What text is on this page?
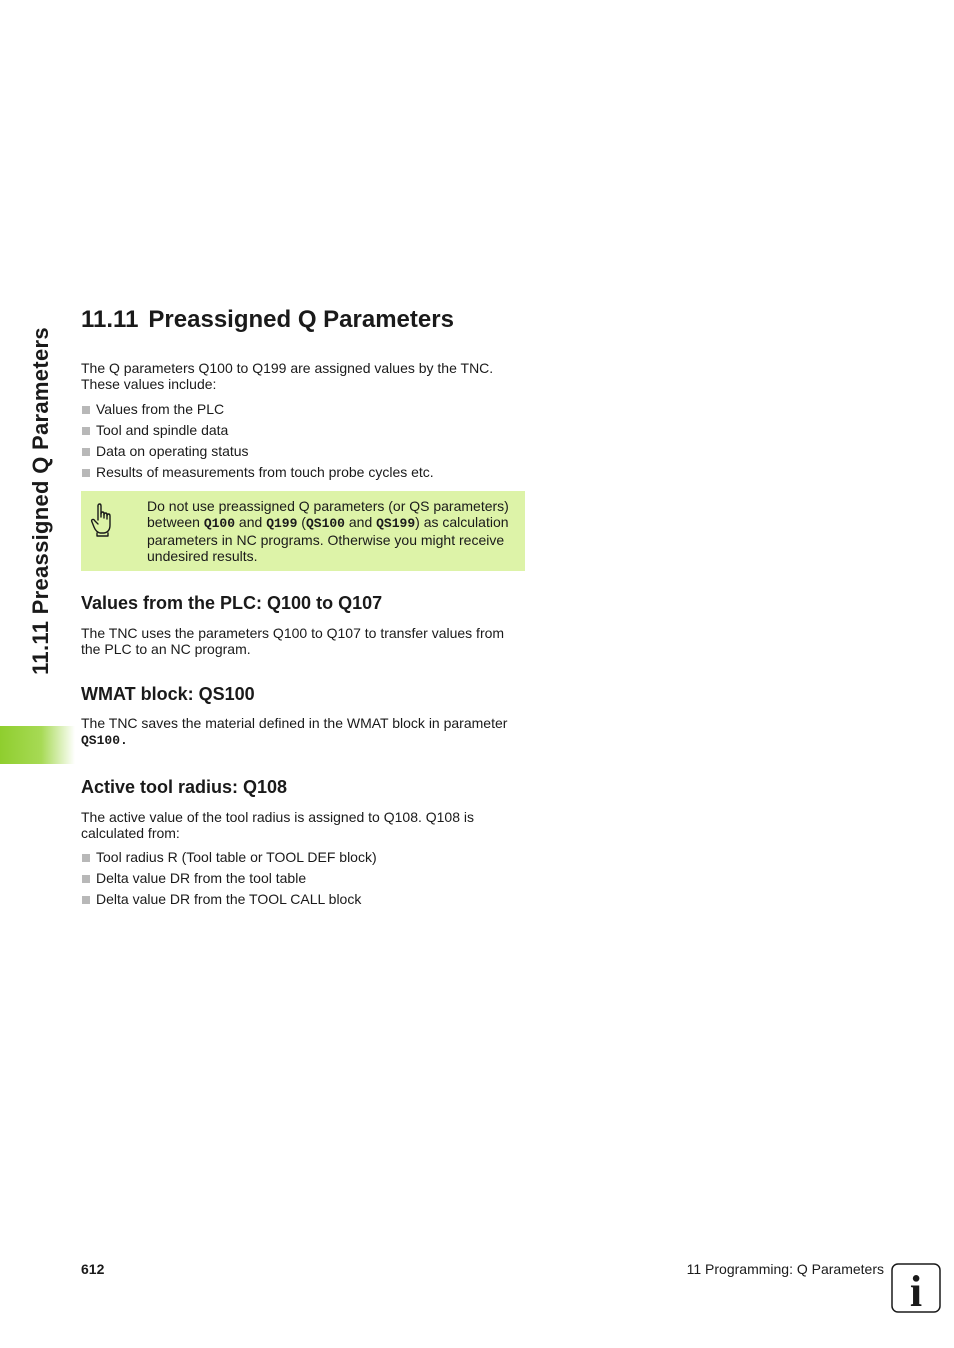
11.11 Preassigned Q Parameters
11.11 Preassigned Q Parameters

The Q parameters Q100 to Q199 are assigned values by the TNC. These values include:

Values from the PLC
Tool and spindle data
Data on operating status
Results of measurements from touch probe cycles etc.

Do not use preassigned Q parameters (or QS parameters) between Q100 and Q199 (QS100 and QS199) as calculation parameters in NC programs. Otherwise you might receive undesired results.

Values from the PLC: Q100 to Q107

The TNC uses the parameters Q100 to Q107 to transfer values from the PLC to an NC program.

WMAT block: QS100

The TNC saves the material defined in the WMAT block in parameter QS100.

Active tool radius: Q108

The active value of the tool radius is assigned to Q108. Q108 is calculated from:

Tool radius R (Tool table or TOOL DEF block)
Delta value DR from the tool table
Delta value DR from the TOOL CALL block
612	11 Programming: Q Parameters i
